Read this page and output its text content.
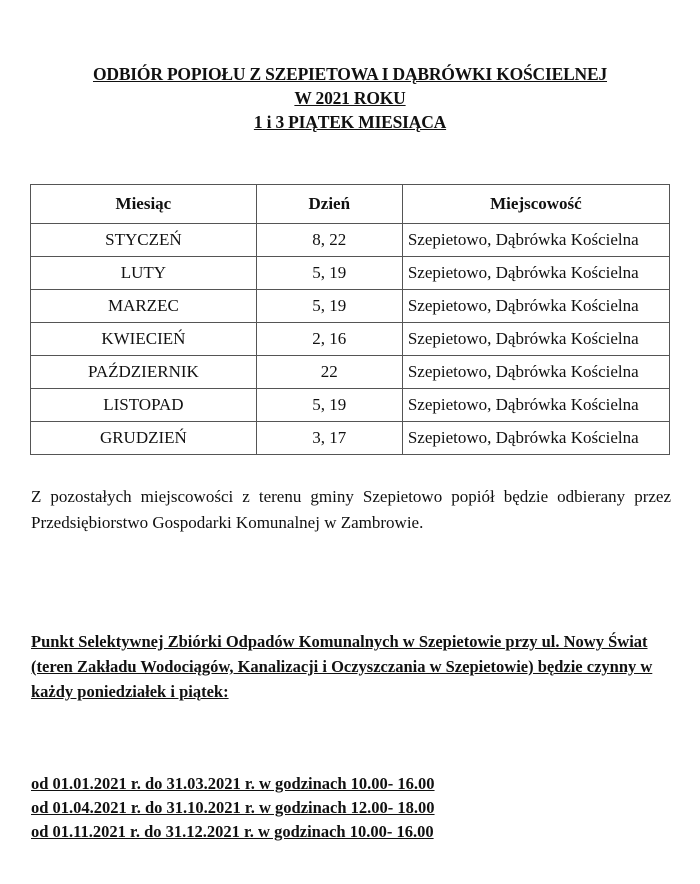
ODBIÓR POPIOŁU Z SZEPIETOWA I DĄBRÓWKI KOŚCIELNEJ
W 2021 ROKU
1 i 3 PIĄTEK MIESIĄCA
Miesiąc	Dzień	Miejscowość
STYCZEŃ	8, 22	Szepietowo, Dąbrówka Kościelna
LUTY	5, 19	Szepietowo, Dąbrówka Kościelna
MARZEC	5, 19	Szepietowo, Dąbrówka Kościelna
KWIECIEŃ	2, 16	Szepietowo, Dąbrówka Kościelna
PAŹDZIERNIK	22	Szepietowo, Dąbrówka Kościelna
LISTOPAD	5, 19	Szepietowo, Dąbrówka Kościelna
GRUDZIEŃ	3, 17	Szepietowo, Dąbrówka Kościelna

Z pozostałych miejscowości z terenu gminy Szepietowo popiół będzie odbierany przez
Przedsiębiorstwo Gospodarki Komunalnej w Zambrowie.

Punkt Selektywnej Zbiórki Odpadów Komunalnych w Szepietowie przy ul. Nowy Świat
(teren Zakładu Wodociągów, Kanalizacji i Oczyszczania w Szepietowie) będzie czynny w
każdy poniedziałek i piątek:

od 01.01.2021 r. do 31.03.2021 r. w godzinach 10.00- 16.00
od 01.04.2021 r. do 31.10.2021 r. w godzinach 12.00- 18.00
od 01.11.2021 r. do 31.12.2021 r. w godzinach 10.00- 16.00
